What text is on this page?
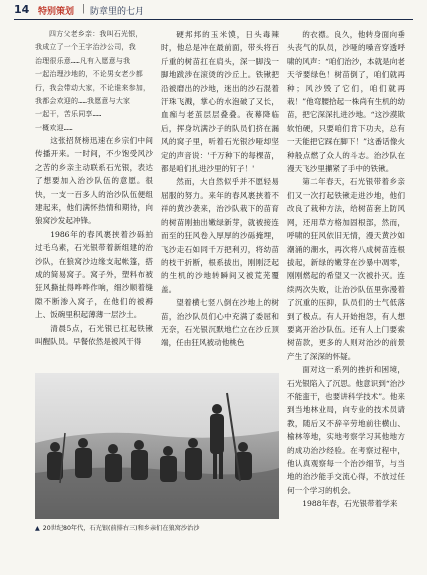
14 特别策划 | 防章里的七月

四方父老乡亲：我叫石光银，

我成立了一个王字治沙公司，我

治理很乐意……凡有入愿意与我

一起治理沙地的，不论男女老少都

行，我会带动大家，不论谁来参加，

我都会欢迎的……我愿意与大家

一起干，苦乐同享……

一概欢迎……

这张招贤榜迅速在乡宗们中间传播开来。一时间，不少饱受风沙之苦的乡亲主动联系石光银，表达了想要加入治沙队伍的意愿。很快，一支一百多人的治沙队伍便组建起来，他们满怀热情和期待，向狼窝沙发起冲锋。

1986年的春风裹挟着沙砾拍过毛乌素，石光银带着新组建的治沙队，在狼窝沙边缘支起帐篷，搭成的简易窝子。窝子外，塑料布被狂风撕扯得哗哗作响，细沙顺着缝隙不断渗入窝子，在他们的被褥上、饭碗里积起薄薄一层沙土。

清晨5点，石光银已扛起铁锹叫醒队员。早餐依然是被风干得

硬邦邦的玉米馍，日头毒辣时，他总是冲在最前面，带头将百斤重的树苗扛在肩头，深一脚浅一脚地跋涉在滚烫的沙丘上。铁锹把沿被磨出的沙地，迷出的沙石混着汗珠飞溅，掌心的水泡破了又长，血痂与老茧层层叠叠。夜幕降临后，挥身坑满沙子的队员们挤在漏风的窝子里，听着石光银沙哑却坚定的声音说：'千万种下的每棵苗，都是咱们扎进沙里的钉子！'

然而，大自然似乎并不愿轻易屈服的努力。来年的春风裹挟着不祥的黄沙袭来，治沙队栽下的苗育的树苗刚抽出嫩绿新芽，就被接连而至的狂风卷入厚厚的沙砾掩埋，飞沙走石如同千万把利刃，将幼苗的枝干折断，根系拔出，刚刚泛起的生机的沙地转瞬间又被荒芜覆盖。

望着横七竖八倒在沙地上的树苗，治沙队员们心中充满了委屈和无奈，石光银沉默地伫立在沙丘顶端，任由狂风被动他桃色

的衣襟。良久，他转身面向垂头丧气的队员，沙哑的嗓音穿透呼啸的风声：“咱们治沙，本就是向老天爷要绿色！树苗倒了，咱们就再种；风沙毁了它们，咱们就再栽！”他弯腰拾起一株尚有生机的幼苗，把它深深扎进沙地。“这沙漠欺软怕硬，只要咱们肯下功夫，总有一天能把它踩在脚下！”这番话像火种般点燃了众人的斗志。治沙队在漫天飞沙里攥紧了手中的铁锹。

第二年春天，石光银带着乡亲们又一次打起铁锹走进沙地，他们改良了栽种方法，给树苗套上防风网，还用草方格加固根部，然而，呼啸的狂风依旧无情，漫天黄沙如潮涌的潮水，再次将八成树苗连根拔起，新绿的嫩芽在沙暴中凋零，刚刚燃起的希望又一次被扑灭。连续两次失败，让治沙队伍里弥漫着了沉重的压抑，队员们的士气低落到了极点。有人开始抱怨，有人想要离开治沙队伍。还有人上门要索树苗款，更多的人则对治沙的前景产生了深深的怀疑。

面对这一系列的挫折和困境，石光银陷入了沉思。他意识到“治沙不能蛮干，也要讲科学技术”。他来到当地林业局，向专业的技术员请教，随后又不辞辛劳地前往横山、榆林等地，实地考察学习其他地方的成功治沙经验。在考察过程中，他认真观察每一个治沙细节，与当地的治沙能手交流心得，不放过任何一个学习的机会。

1988年春，石光银带着学来

▲ 20世纪80年代，石光银(前排右三)和乡亲们在狼窝沙治沙
